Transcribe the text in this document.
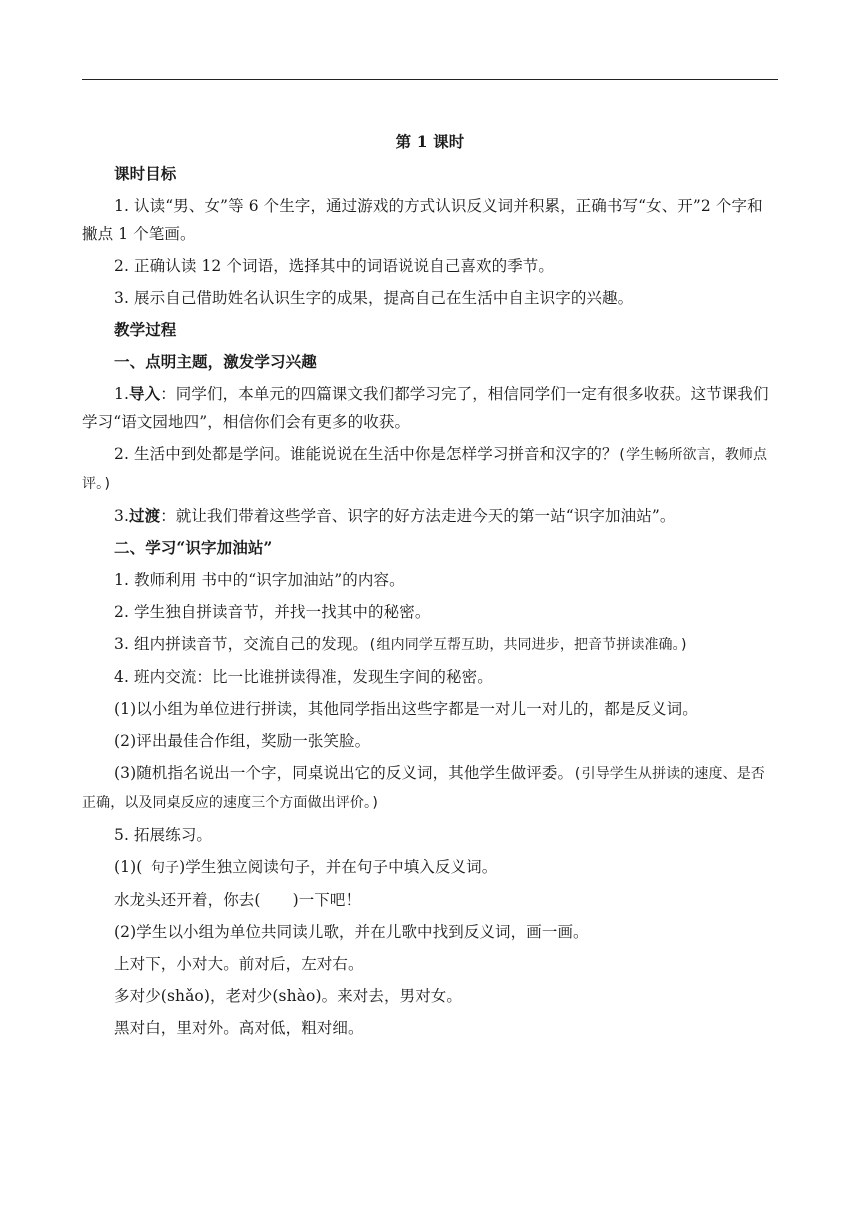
第 1 课时
课时目标
1. 认读“男、女”等 6 个生字，通过游戏的方式认识反义词并积累，正确书写“女、开”2 个字和撇点 1 个笔画。
2. 正确认读 12 个词语，选择其中的词语说说自己喜欢的季节。
3. 展示自己借助姓名认识生字的成果，提高自己在生活中自主识字的兴趣。
教学过程
一、点明主题，激发学习兴趣
1.导入：同学们，本单元的四篇课文我们都学习完了，相信同学们一定有很多收获。这节课我们学习“语文园地四”，相信你们会有更多的收获。
2. 生活中到处都是学问。谁能说说在生活中你是怎样学习拼音和汉字的？(学生畅所欲言，教师点评。)
3.过渡：就让我们带着这些学音、识字的好方法走进今天的第一站“识字加油站”。
二、学习“识字加油站”
1. 教师利用 书中的“识字加油站”的内容。
2. 学生独自拼读音节，并找一找其中的秘密。
3. 组内拼读音节，交流自己的发现。(组内同学互帮互助，共同进步，把音节拼读准确。)
4. 班内交流：比一比谁拼读得准，发现生字间的秘密。
(1)以小组为单位进行拼读，其他同学指出这些字都是一对儿一对儿的，都是反义词。
(2)评出最佳合作组，奖励一张笑脸。
(3)随机指名说出一个字，同桌说出它的反义词，其他学生做评委。(引导学生从拼读的速度、是否正确，以及同桌反应的速度三个方面做出评价。)
5. 拓展练习。
(1)( 句子)学生独立阅读句子，并在句子中填入反义词。
水龙头还开着，你去( )一下吧！
(2)学生以小组为单位共同读儿歌，并在儿歌中找到反义词，画一画。
上对下，小对大。前对后，左对右。
多对少(shǎo)，老对少(shào)。来对去，男对女。
黑对白，里对外。高对低，粗对细。
